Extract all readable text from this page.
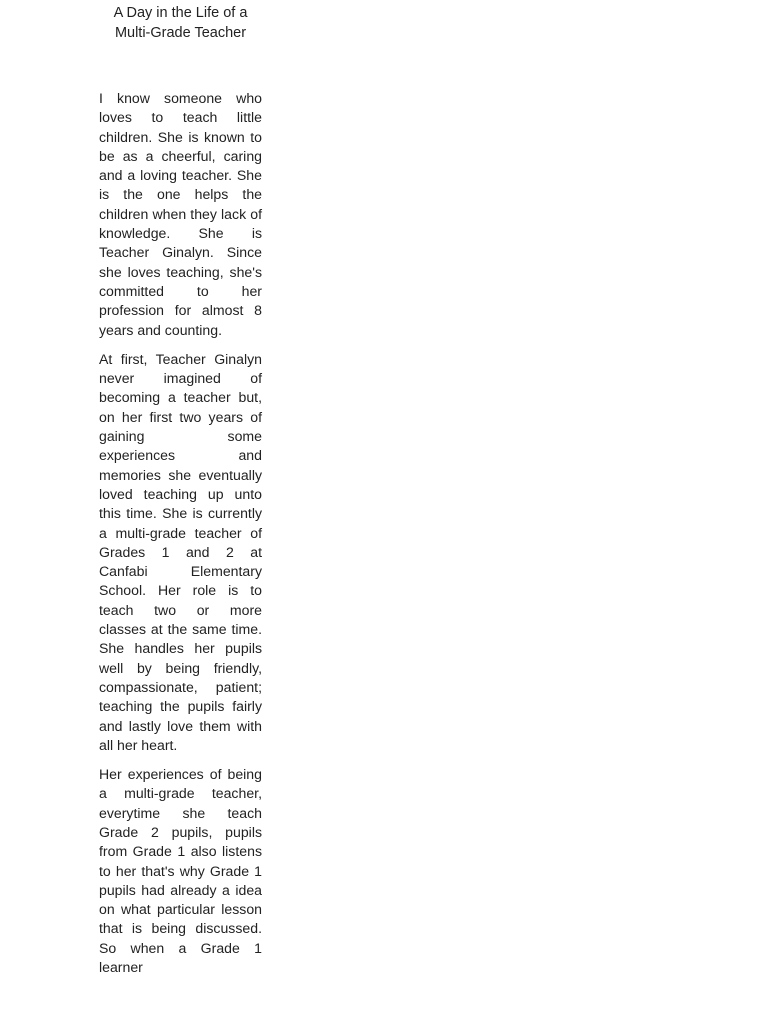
A Day in the Life of a Multi-Grade Teacher

I know someone who loves to teach little children. She is known to be as a cheerful, caring and a loving teacher. She is the one helps the children when they lack of knowledge. She is Teacher Ginalyn. Since she loves teaching, she's committed to her profession for almost 8 years and counting.

At first, Teacher Ginalyn never imagined of becoming a teacher but, on her first two years of gaining some experiences and memories she eventually loved teaching up unto this time. She is currently a multi-grade teacher of Grades 1 and 2 at Canfabi Elementary School. Her role is to teach two or more classes at the same time. She handles her pupils well by being friendly, compassionate, patient; teaching the pupils fairly and lastly love them with all her heart.

Her experiences of being a multi-grade teacher, everytime she teach Grade 2 pupils, pupils from Grade 1 also listens to her that's why Grade 1 pupils had already a idea on what particular lesson that is being discussed. So when a Grade 1 learner
